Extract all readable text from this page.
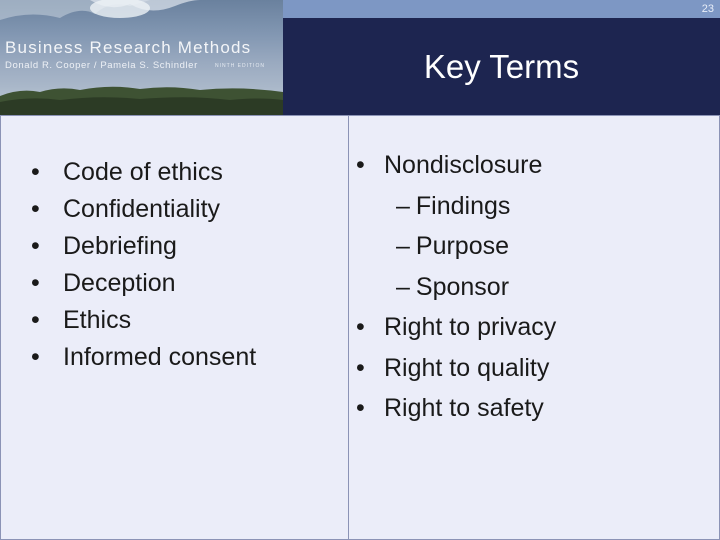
23
Business Research Methods
Donald R. Cooper / Pamela S. Schindler	NINTH EDITION	Key Terms
• Code of ethics
• Confidentiality
• Debriefing
• Deception
• Ethics
• Informed consent
• Nondisclosure
– Findings
– Purpose
– Sponsor
• Right to privacy
• Right to quality
• Right to safety
